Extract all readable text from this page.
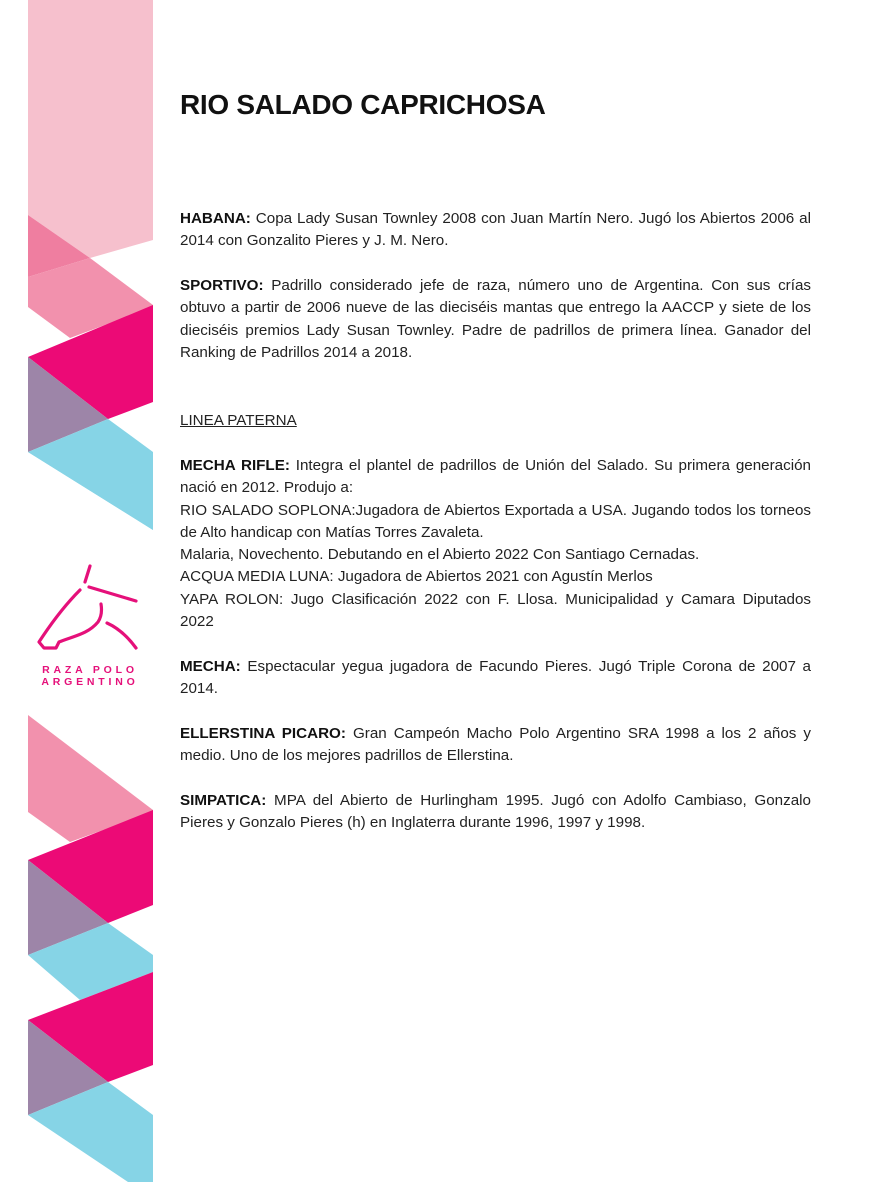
RAZA POLO
ARGENTINO
RIO SALADO CAPRICHOSA

HABANA: Copa Lady Susan Townley 2008 con Juan Martín Nero. Jugó los Abiertos 2006 al 2014 con Gonzalito Pieres y J. M. Nero.

SPORTIVO: Padrillo considerado jefe de raza, número uno de Argentina. Con sus crías obtuvo a partir de 2006 nueve de las dieciséis mantas que entrego la AACCP y siete de los dieciséis premios Lady Susan Townley. Padre de padrillos de primera línea. Ganador del Ranking de Padrillos 2014 a 2018.

LINEA PATERNA

MECHA RIFLE: Integra el plantel de padrillos de Unión del Salado. Su primera generación nació en 2012. Produjo a:

RIO SALADO SOPLONA:Jugadora de Abiertos Exportada a USA. Jugando todos los torneos de Alto handicap con Matías Torres Zavaleta.

Malaria, Novechento. Debutando en el Abierto 2022 Con Santiago Cernadas.

ACQUA MEDIA LUNA: Jugadora de Abiertos 2021 con Agustín Merlos

YAPA ROLON: Jugo Clasificación 2022 con F. Llosa. Municipalidad y Camara Diputados 2022

MECHA: Espectacular yegua jugadora de Facundo Pieres. Jugó Triple Corona de 2007 a 2014.

ELLERSTINA PICARO: Gran Campeón Macho Polo Argentino SRA 1998 a los 2 años y medio. Uno de los mejores padrillos de Ellerstina.

SIMPATICA: MPA del Abierto de Hurlingham 1995. Jugó con Adolfo Cambiaso, Gonzalo Pieres y Gonzalo Pieres (h) en Inglaterra durante 1996, 1997 y 1998.
